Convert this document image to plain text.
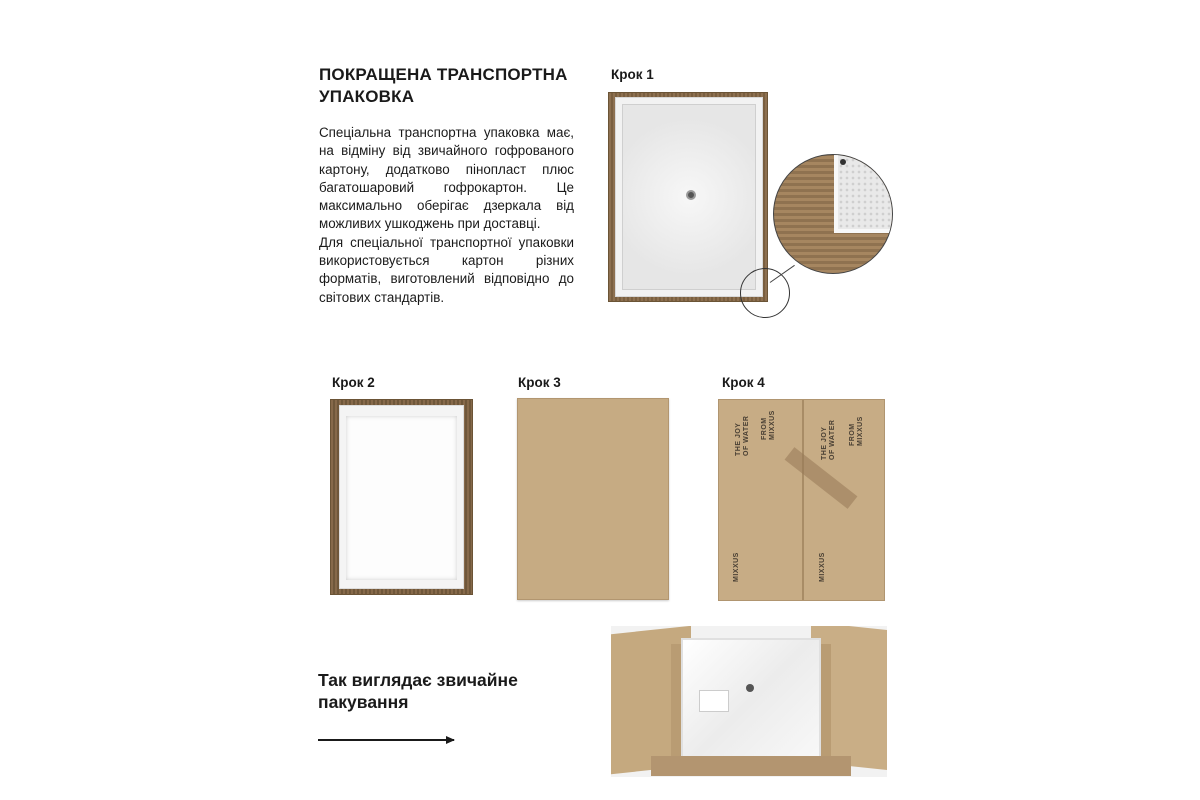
ПОКРАЩЕНА ТРАНСПОРТНА УПАКОВКА

Спеціальна транспортна упаковка має, на відміну від звичайного гофрованого картону, додатково пінопласт плюс багатошаровий гофрокартон. Це максимально оберігає дзеркала від можливих ушкоджень при доставці.

Для спеціальної транспортної упаковки використовується картон різних форматів, виготовлений відповідно до світових стандартів.

Крок 1
Крок 2	Крок 3	Крок 4
THE JOY OF WATER FROM MIXXUS
MIXXUS
THE JOY OF WATER FROM MIXXUS
MIXXUS
Так виглядає звичайне пакування
